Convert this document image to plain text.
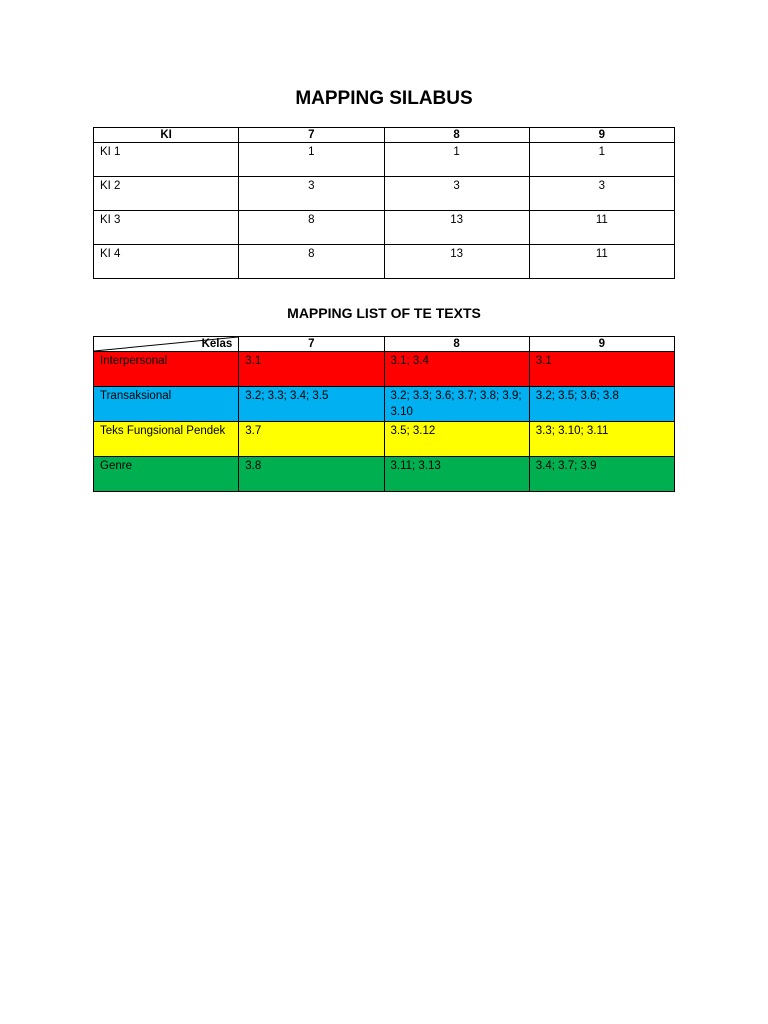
MAPPING SILABUS
KI	7	8	9
KI 1	1	1	1
KI 2	3	3	3
KI 3	8	13	11
KI 4	8	13	11
MAPPING LIST OF TE TEXTS
Kelas	7	8	9
Interpersonal	3.1	3.1; 3.4	3.1
Transaksional	3.2; 3.3; 3.4; 3.5	3.2; 3.3; 3.6; 3.7; 3.8; 3.9; 3.10	3.2; 3.5; 3.6; 3.8
Teks Fungsional Pendek	3.7	3.5; 3.12	3.3; 3.10; 3.11
Genre	3.8	3.11; 3.13	3.4; 3.7; 3.9
